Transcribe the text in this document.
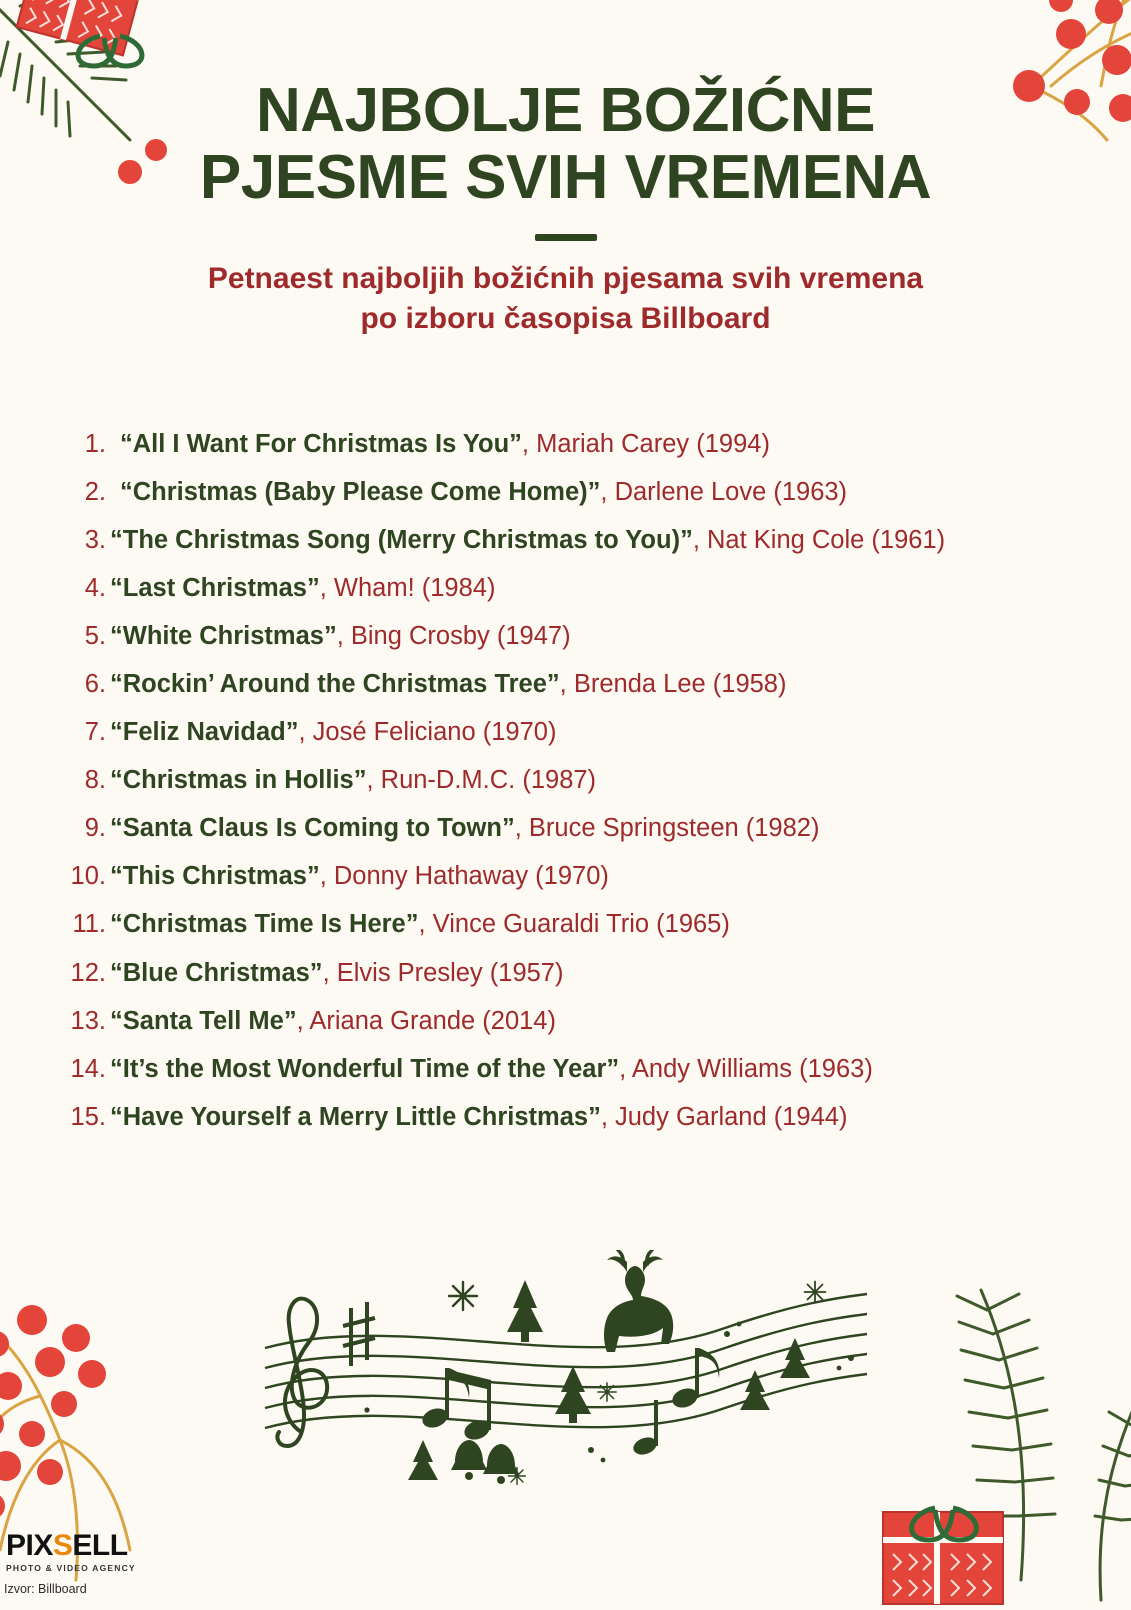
NAJBOLJE BOŽIĆNE
PJESME SVIH VREMENA
Petnaest najboljih božićnih pjesama svih vremena
po izboru časopisa Billboard
1. “All I Want For Christmas Is You”, Mariah Carey (1994)
2. “Christmas (Baby Please Come Home)”, Darlene Love (1963)
3. “The Christmas Song (Merry Christmas to You)”, Nat King Cole (1961)
4. “Last Christmas”, Wham! (1984)
5. “White Christmas”, Bing Crosby (1947)
6. “Rockin’ Around the Christmas Tree”, Brenda Lee (1958)
7. “Feliz Navidad”, José Feliciano (1970)
8. “Christmas in Hollis”, Run-D.M.C. (1987)
9. “Santa Claus Is Coming to Town”, Bruce Springsteen (1982)
10. “This Christmas”, Donny Hathaway (1970)
11. “Christmas Time Is Here”, Vince Guaraldi Trio (1965)
12. “Blue Christmas”, Elvis Presley (1957)
13. “Santa Tell Me”, Ariana Grande (2014)
14. “It’s the Most Wonderful Time of the Year”, Andy Williams (1963)
15. “Have Yourself a Merry Little Christmas”, Judy Garland (1944)
PIXSELL
PHOTO & VIDEO AGENCY
Izvor: Billboard
